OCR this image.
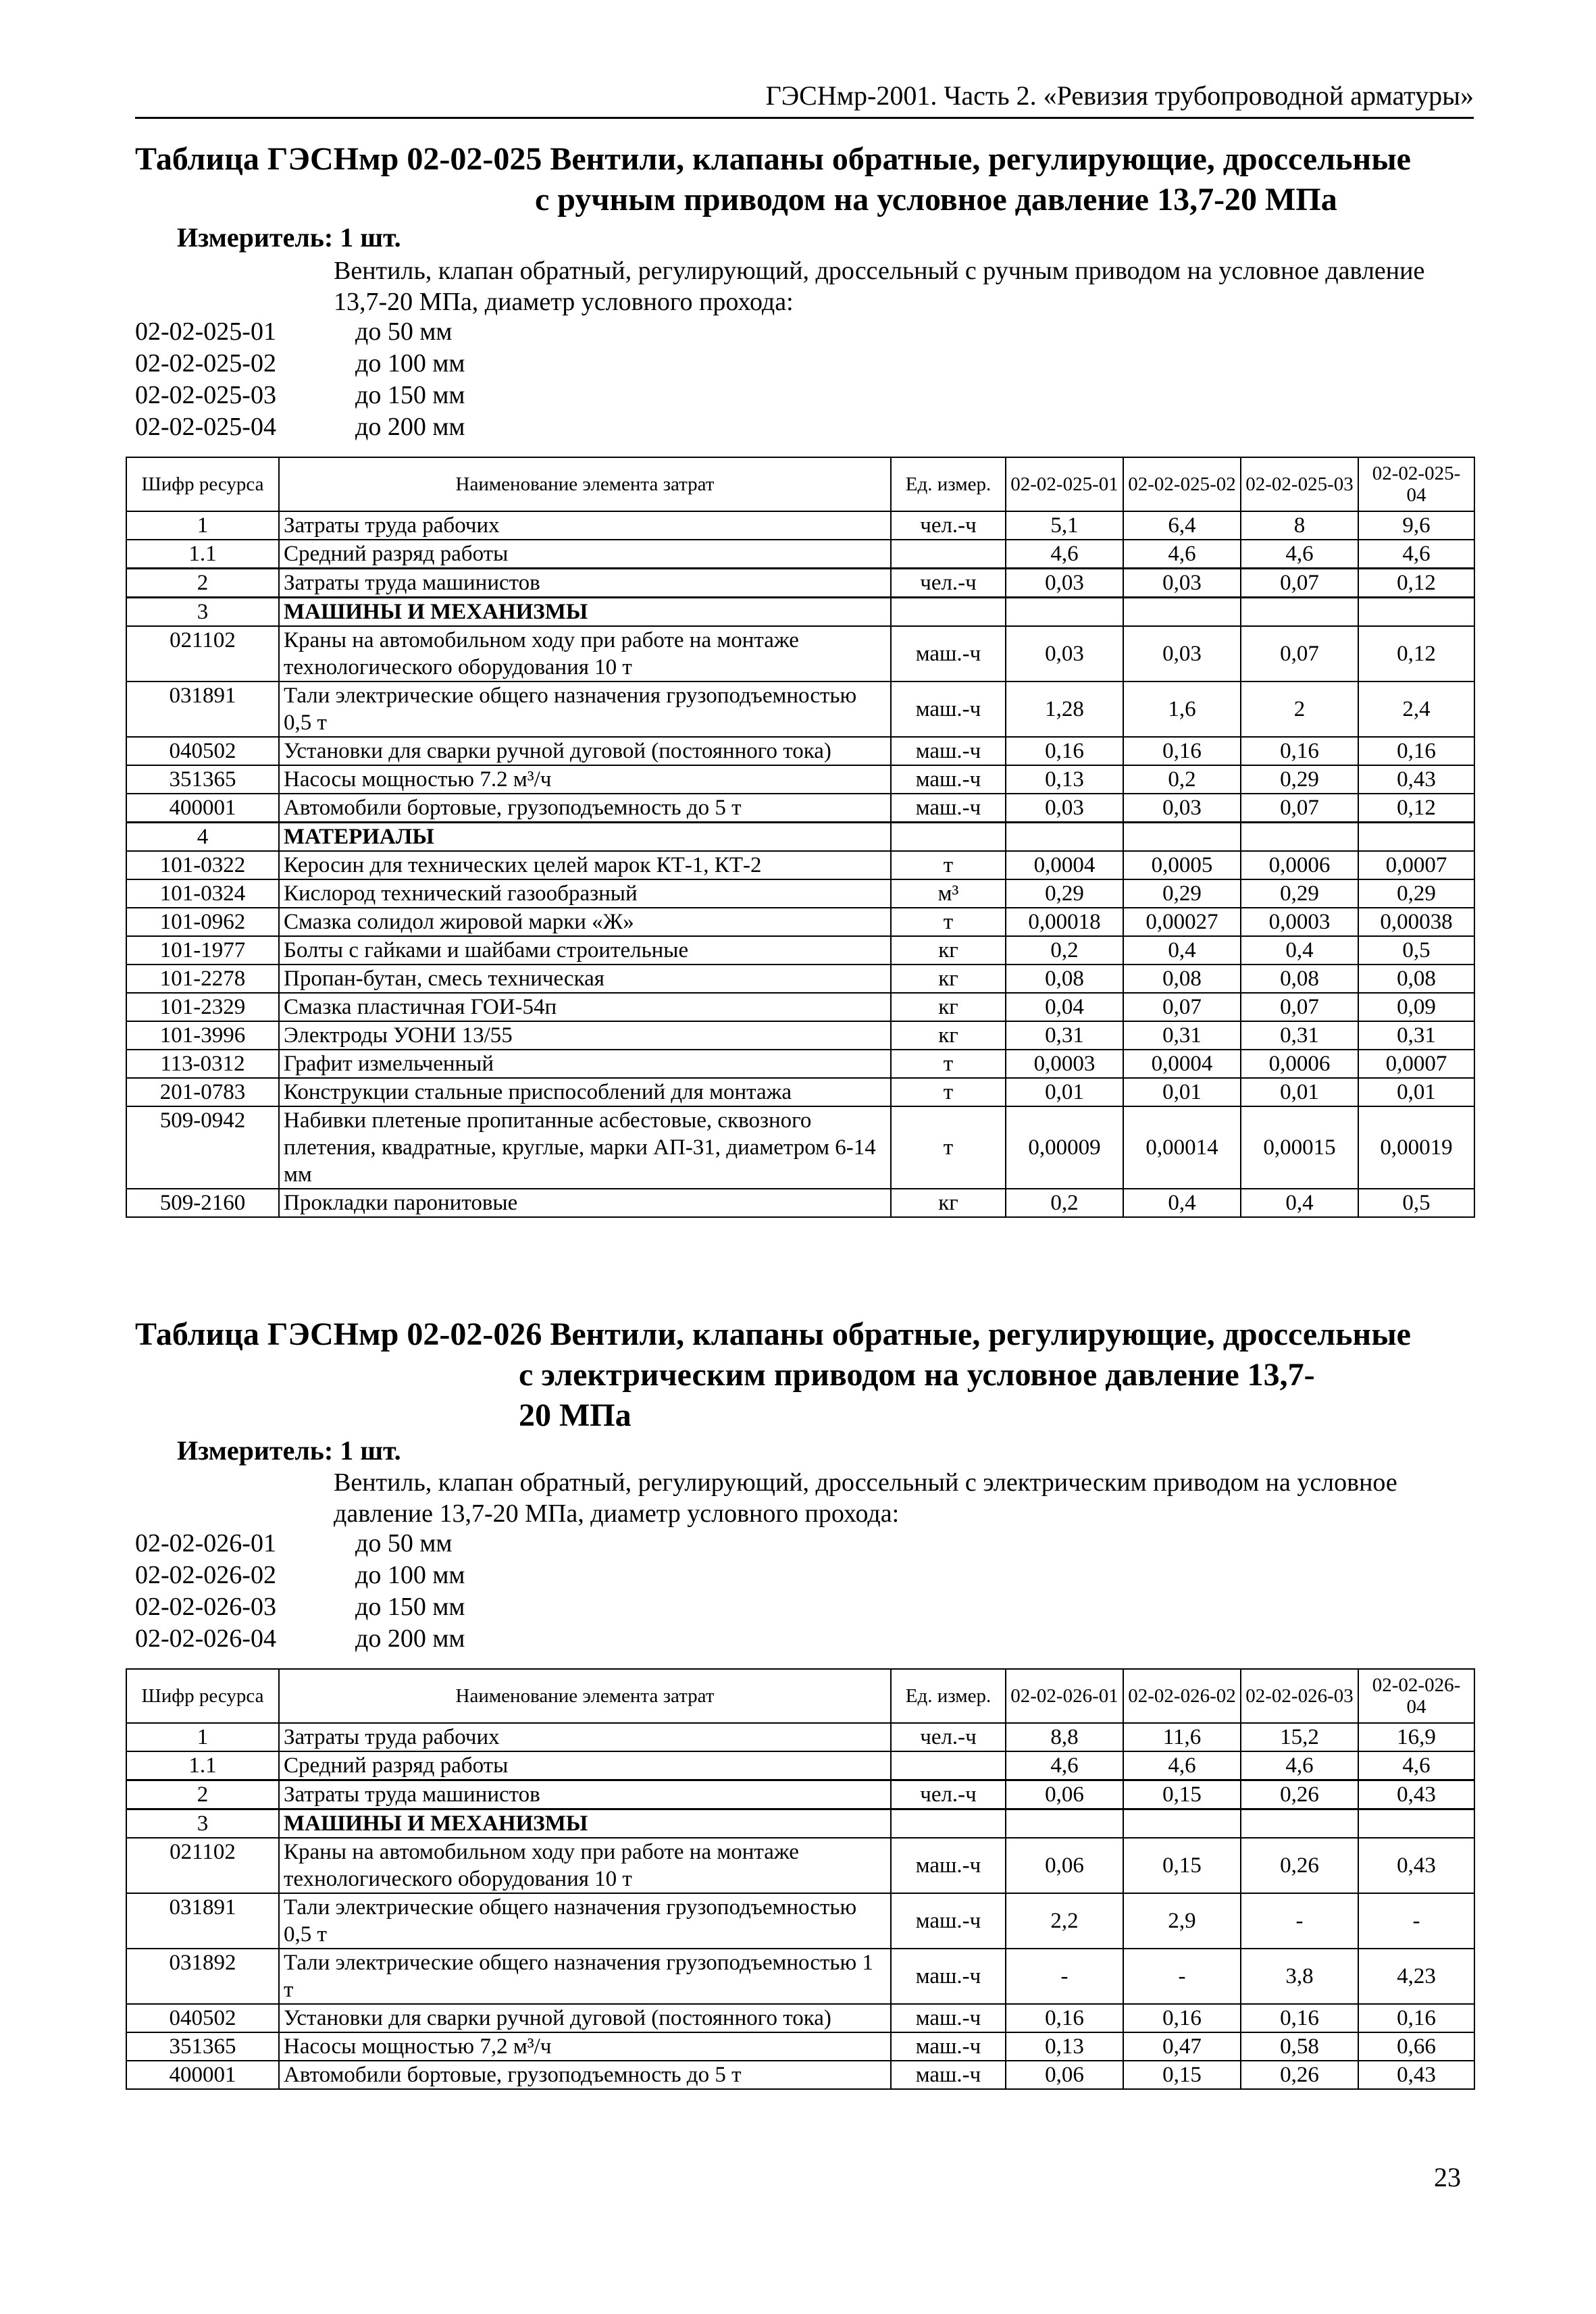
ГЭСНмр-2001. Часть 2. «Ревизия трубопроводной арматуры»
Таблица ГЭСНмр 02-02-025 Вентили, клапаны обратные, регулирующие, дроссельные
с ручным приводом на условное давление 13,7-20 МПа
Измеритель: 1 шт.
Вентиль, клапан обратный, регулирующий, дроссельный с ручным приводом на условное давление 13,7-20 МПа, диаметр условного прохода:
02-02-025-01	до 50 мм
02-02-025-02	до 100 мм
02-02-025-03	до 150 мм
02-02-025-04	до 200 мм
Шифр ресурса	Наименование элемента затрат	Ед. измер.	02-02-025-01	02-02-025-02	02-02-025-03	02-02-025-04
1	Затраты труда рабочих	чел.-ч	5,1	6,4	8	9,6
1.1	Средний разряд работы		4,6	4,6	4,6	4,6
2	Затраты труда машинистов	чел.-ч	0,03	0,03	0,07	0,12
3	МАШИНЫ И МЕХАНИЗМЫ					
021102	Краны на автомобильном ходу при работе на монтаже технологического оборудования 10 т	маш.-ч	0,03	0,03	0,07	0,12
031891	Тали электрические общего назначения грузоподъемностью 0,5 т	маш.-ч	1,28	1,6	2	2,4
040502	Установки для сварки ручной дуговой (постоянного тока)	маш.-ч	0,16	0,16	0,16	0,16
351365	Насосы мощностью 7.2 м³/ч	маш.-ч	0,13	0,2	0,29	0,43
400001	Автомобили бортовые, грузоподъемность до 5 т	маш.-ч	0,03	0,03	0,07	0,12
4	МАТЕРИАЛЫ					
101-0322	Керосин для технических целей марок КТ-1, КТ-2	т	0,0004	0,0005	0,0006	0,0007
101-0324	Кислород технический газообразный	м³	0,29	0,29	0,29	0,29
101-0962	Смазка солидол жировой марки «Ж»	т	0,00018	0,00027	0,0003	0,00038
101-1977	Болты с гайками и шайбами строительные	кг	0,2	0,4	0,4	0,5
101-2278	Пропан-бутан, смесь техническая	кг	0,08	0,08	0,08	0,08
101-2329	Смазка пластичная ГОИ-54п	кг	0,04	0,07	0,07	0,09
101-3996	Электроды УОНИ 13/55	кг	0,31	0,31	0,31	0,31
113-0312	Графит измельченный	т	0,0003	0,0004	0,0006	0,0007
201-0783	Конструкции стальные приспособлений для монтажа	т	0,01	0,01	0,01	0,01
509-0942	Набивки плетеные пропитанные асбестовые, сквозного плетения, квадратные, круглые, марки АП-31, диаметром 6-14 мм	т	0,00009	0,00014	0,00015	0,00019
509-2160	Прокладки паронитовые	кг	0,2	0,4	0,4	0,5
Таблица ГЭСНмр 02-02-026 Вентили, клапаны обратные, регулирующие, дроссельные
с электрическим приводом на условное давление 13,7-
20 МПа
Измеритель: 1 шт.
Вентиль, клапан обратный, регулирующий, дроссельный с электрическим приводом на условное давление 13,7-20 МПа, диаметр условного прохода:
02-02-026-01	до 50 мм
02-02-026-02	до 100 мм
02-02-026-03	до 150 мм
02-02-026-04	до 200 мм
Шифр ресурса	Наименование элемента затрат	Ед. измер.	02-02-026-01	02-02-026-02	02-02-026-03	02-02-026-04
1	Затраты труда рабочих	чел.-ч	8,8	11,6	15,2	16,9
1.1	Средний разряд работы		4,6	4,6	4,6	4,6
2	Затраты труда машинистов	чел.-ч	0,06	0,15	0,26	0,43
3	МАШИНЫ И МЕХАНИЗМЫ					
021102	Краны на автомобильном ходу при работе на монтаже технологического оборудования 10 т	маш.-ч	0,06	0,15	0,26	0,43
031891	Тали электрические общего назначения грузоподъемностью 0,5 т	маш.-ч	2,2	2,9	-	-
031892	Тали электрические общего назначения грузоподъемностью 1 т	маш.-ч	-	-	3,8	4,23
040502	Установки для сварки ручной дуговой (постоянного тока)	маш.-ч	0,16	0,16	0,16	0,16
351365	Насосы мощностью 7,2 м³/ч	маш.-ч	0,13	0,47	0,58	0,66
400001	Автомобили бортовые, грузоподъемность до 5 т	маш.-ч	0,06	0,15	0,26	0,43
23
